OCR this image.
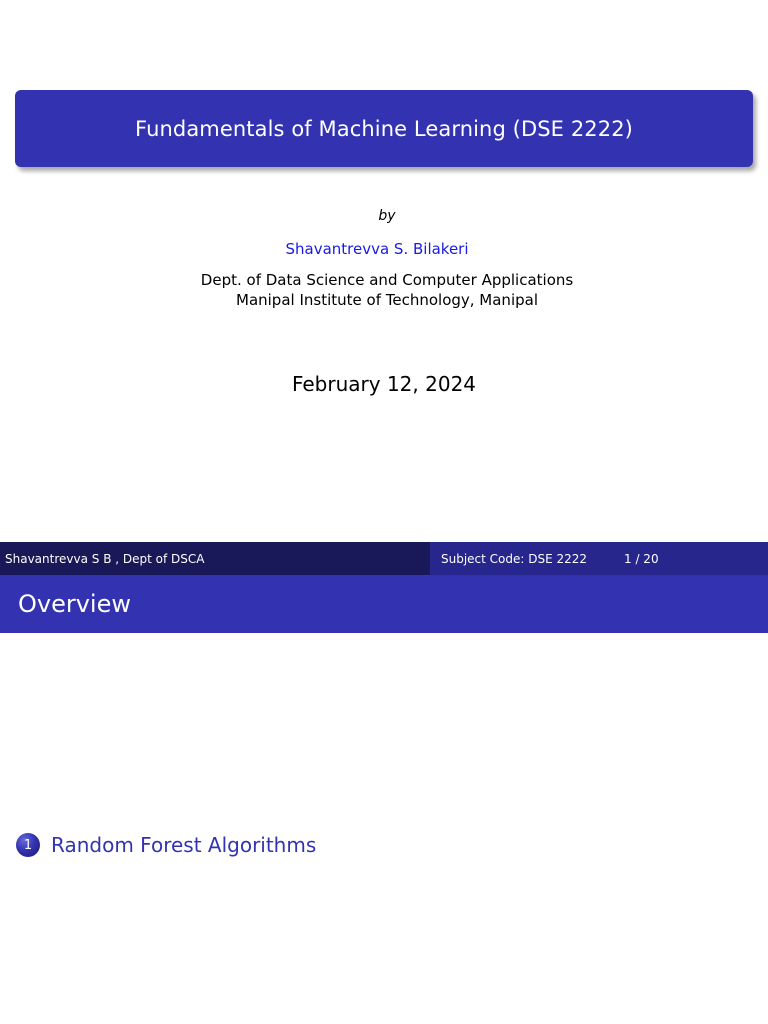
Fundamentals of Machine Learning (DSE 2222)
by
Shavantrevva S. Bilakeri
Dept. of Data Science and Computer Applications
Manipal Institute of Technology, Manipal
February 12, 2024
Shavantrevva S B , Dept of DSCA	Subject Code: DSE 2222	1 / 20
Overview
1 Random Forest Algorithms
